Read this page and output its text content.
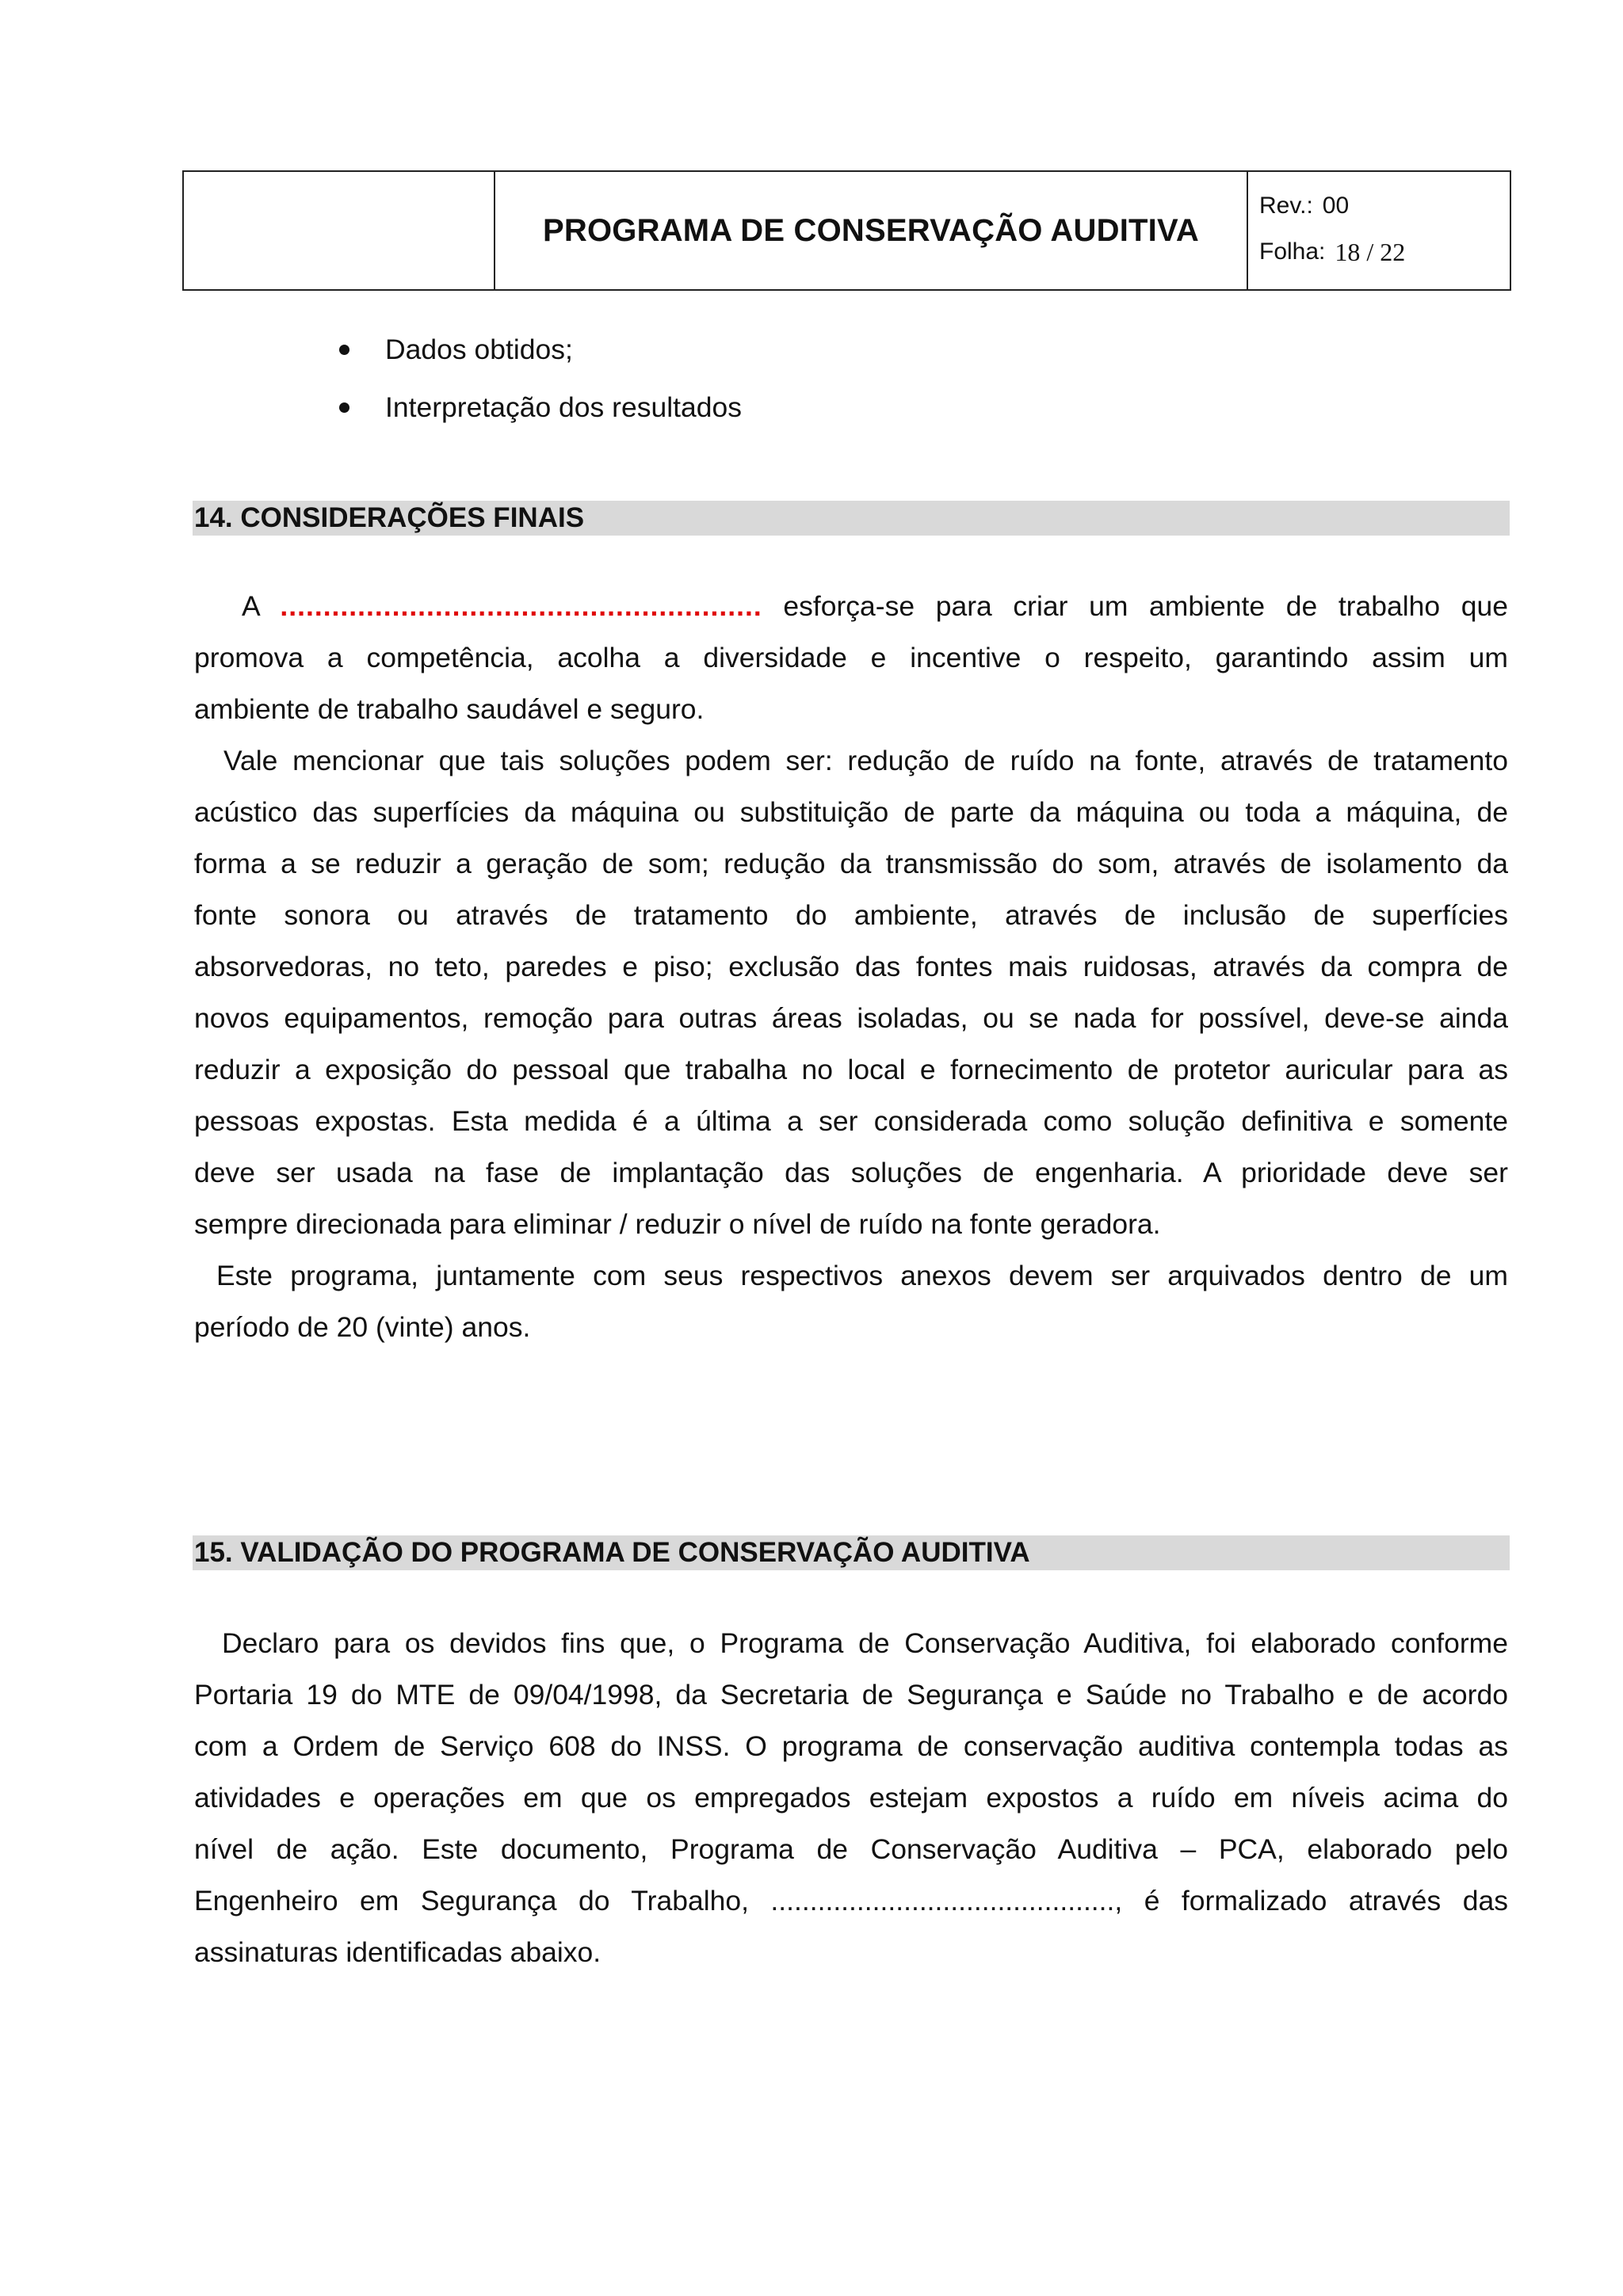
PROGRAMA DE CONSERVAÇÃO AUDITIVA
Rev.: 00
Folha: 18 / 22
Dados obtidos;
Interpretação dos resultados
14. CONSIDERAÇÕES FINAIS
A ........................................................ esforça-se para criar um ambiente de trabalho que
promova a competência, acolha a diversidade e incentive o respeito, garantindo assim um
ambiente de trabalho saudável e seguro.
Vale mencionar que tais soluções podem ser: redução de ruído na fonte, através de tratamento
acústico das superfícies da máquina ou substituição de parte da máquina ou toda a máquina, de
forma a se reduzir a geração de som; redução da transmissão do som, através de isolamento da
fonte sonora ou através de tratamento do ambiente, através de inclusão de superfícies
absorvedoras, no teto, paredes e piso; exclusão das fontes mais ruidosas, através da compra de
novos equipamentos, remoção para outras áreas isoladas, ou se nada for possível, deve-se ainda
reduzir a exposição do pessoal que trabalha no local e fornecimento de protetor auricular para as
pessoas expostas. Esta medida é a última a ser considerada como solução definitiva e somente
deve ser usada na fase de implantação das soluções de engenharia. A prioridade deve ser
sempre direcionada para eliminar / reduzir o nível de ruído na fonte geradora.
Este programa, juntamente com seus respectivos anexos devem ser arquivados dentro de um
período de 20 (vinte) anos.
15. VALIDAÇÃO DO PROGRAMA DE CONSERVAÇÃO AUDITIVA
Declaro para os devidos fins que, o Programa de Conservação Auditiva, foi elaborado conforme
Portaria 19 do MTE de 09/04/1998, da Secretaria de Segurança e Saúde no Trabalho e de acordo
com a Ordem de Serviço 608 do INSS. O programa de conservação auditiva contempla todas as
atividades e operações em que os empregados estejam expostos a ruído em níveis acima do
nível de ação. Este documento, Programa de Conservação Auditiva – PCA, elaborado pelo
Engenheiro em Segurança do Trabalho, ............................................, é formalizado através das
assinaturas identificadas abaixo.
